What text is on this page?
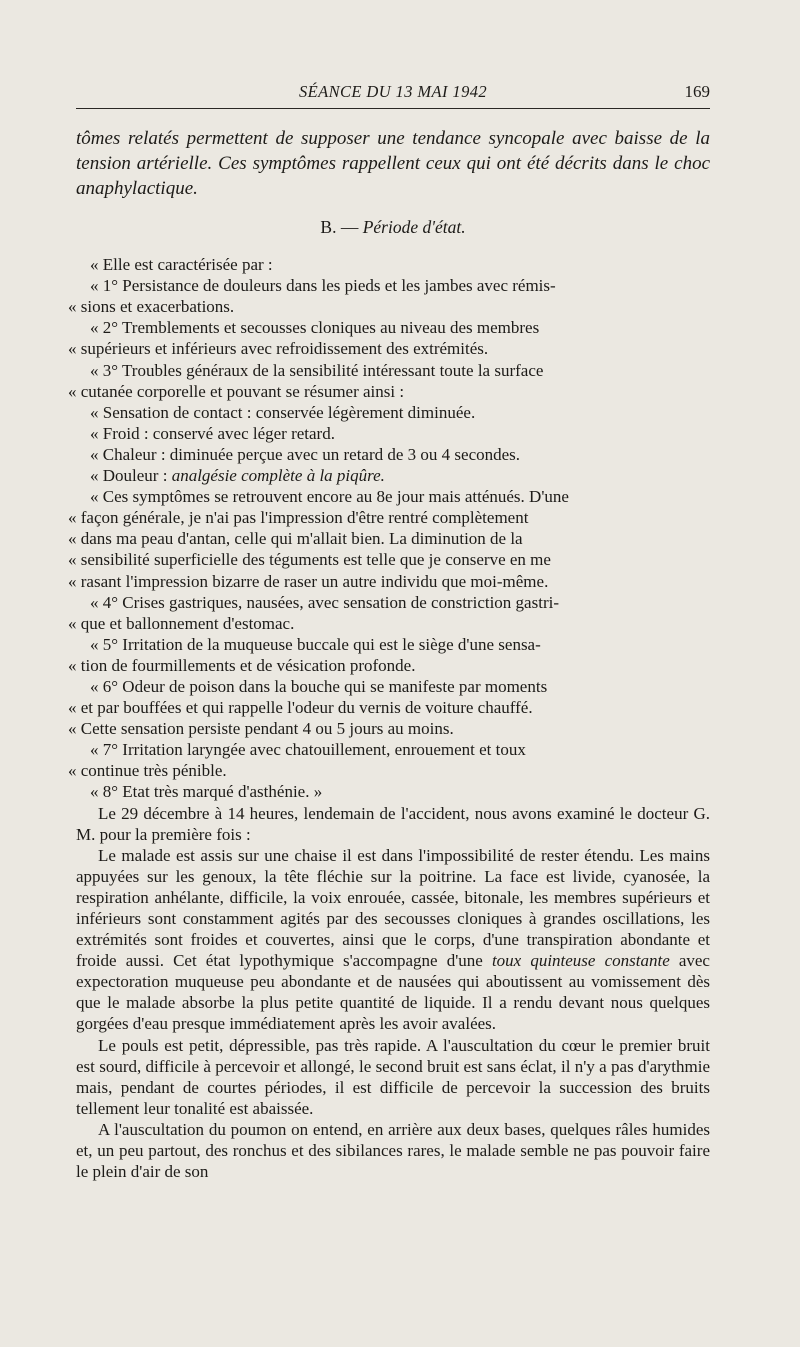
SÉANCE DU 13 MAI 1942	169

tômes relatés permettent de supposer une tendance syncopale avec baisse de la tension artérielle. Ces symptômes rappellent ceux qui ont été décrits dans le choc anaphylactique.

B. — Période d'état.

« Elle est caractérisée par :

« 1° Persistance de douleurs dans les pieds et les jambes avec rémis-

« sions et exacerbations.

« 2° Tremblements et secousses cloniques au niveau des membres

« supérieurs et inférieurs avec refroidissement des extrémités.

« 3° Troubles généraux de la sensibilité intéressant toute la surface

« cutanée corporelle et pouvant se résumer ainsi :

« Sensation de contact : conservée légèrement diminuée.

« Froid : conservé avec léger retard.

« Chaleur : diminuée perçue avec un retard de 3 ou 4 secondes.

« Douleur : analgésie complète à la piqûre.

« Ces symptômes se retrouvent encore au 8e jour mais atténués. D'une

« façon générale, je n'ai pas l'impression d'être rentré complètement

« dans ma peau d'antan, celle qui m'allait bien. La diminution de la

« sensibilité superficielle des téguments est telle que je conserve en me

« rasant l'impression bizarre de raser un autre individu que moi-même.

« 4° Crises gastriques, nausées, avec sensation de constriction gastri-

« que et ballonnement d'estomac.

« 5° Irritation de la muqueuse buccale qui est le siège d'une sensa-

« tion de fourmillements et de vésication profonde.

« 6° Odeur de poison dans la bouche qui se manifeste par moments

« et par bouffées et qui rappelle l'odeur du vernis de voiture chauffé.

« Cette sensation persiste pendant 4 ou 5 jours au moins.

« 7° Irritation laryngée avec chatouillement, enrouement et toux

« continue très pénible.

« 8° Etat très marqué d'asthénie. »

Le 29 décembre à 14 heures, lendemain de l'accident, nous avons examiné le docteur G. M. pour la première fois :

Le malade est assis sur une chaise il est dans l'impossibilité de rester étendu. Les mains appuyées sur les genoux, la tête fléchie sur la poitrine. La face est livide, cyanosée, la respiration anhélante, difficile, la voix enrouée, cassée, bitonale, les membres supérieurs et inférieurs sont constamment agités par des secousses cloniques à grandes oscillations, les extrémités sont froides et couvertes, ainsi que le corps, d'une transpiration abondante et froide aussi. Cet état lypothymique s'accompagne d'une toux quinteuse constante avec expectoration muqueuse peu abondante et de nausées qui aboutissent au vomissement dès que le malade absorbe la plus petite quantité de liquide. Il a rendu devant nous quelques gorgées d'eau presque immédiatement après les avoir avalées.

Le pouls est petit, dépressible, pas très rapide. A l'auscultation du cœur le premier bruit est sourd, difficile à percevoir et allongé, le second bruit est sans éclat, il n'y a pas d'arythmie mais, pendant de courtes périodes, il est difficile de percevoir la succession des bruits tellement leur tonalité est abaissée.

A l'auscultation du poumon on entend, en arrière aux deux bases, quelques râles humides et, un peu partout, des ronchus et des sibilances rares, le malade semble ne pas pouvoir faire le plein d'air de son
